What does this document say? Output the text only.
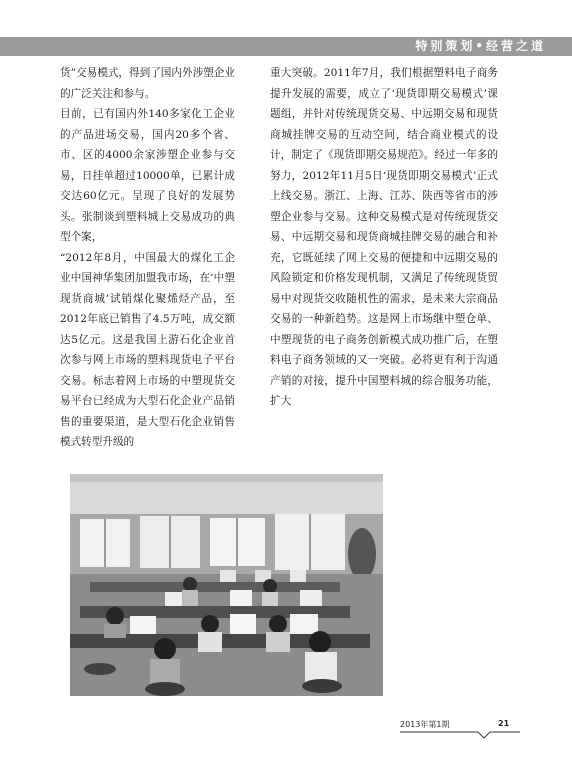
特别策划•经营之道

货”交易模式，得到了国内外涉塑企业的广泛关注和参与。

目前，已有国内外140多家化工企业的产品进场交易，国内20多个省、市、区的4000余家涉塑企业参与交易，日挂单超过10000单，已累计成交达60亿元。呈现了良好的发展势头。张制谈到塑料城上交易成功的典型个案，

“2012年8月，中国最大的煤化工企业中国神华集团加盟我市场，在‘中塑现货商城’试销煤化聚烯烃产品，至2012年底已销售了4.5万吨，成交额达5亿元。这是我国上游石化企业首次参与网上市场的塑料现货电子平台交易。标志着网上市场的中塑现货交易平台已经成为大型石化企业产品销售的重要渠道，是大型石化企业销售模式转型升级的

重大突破。2011年7月，我们根据塑料电子商务提升发展的需要，成立了‘现货即期交易模式’课题组，并针对传统现货交易、中远期交易和现货商城挂牌交易的互动空间，结合商业模式的设计，制定了《现货即期交易规范》。经过一年多的努力，2012年11月5日‘现货即期交易模式’正式上线交易。浙江、上海、江苏、陕西等省市的涉塑企业参与交易。这种交易模式是对传统现货交易、中远期交易和现货商城挂牌交易的融合和补充，它既延续了网上交易的便捷和中远期交易的风险锁定和价格发现机制，又满足了传统现货贸易中对现货交收随机性的需求，是未来大宗商品交易的一种新趋势。这是网上市场继中塑仓单、中塑现货的电子商务创新模式成功推广后，在塑料电子商务领域的又一突破。必将更有利于沟通产销的对接，提升中国塑料城的综合服务功能，扩大

2013年第1期	21
